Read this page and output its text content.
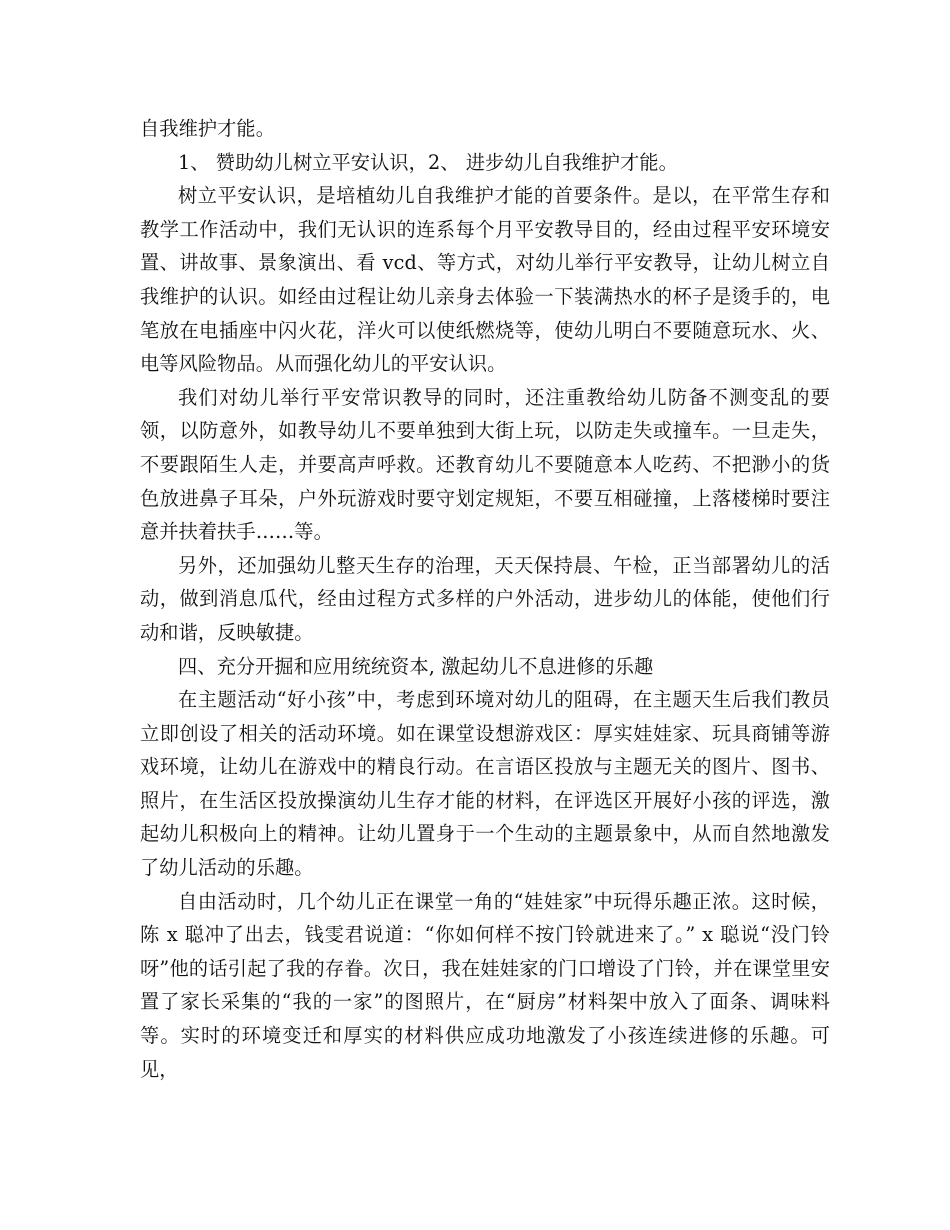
自我维护才能。

1、 赞助幼儿树立平安认识，2、 进步幼儿自我维护才能。

树立平安认识，是培植幼儿自我维护才能的首要条件。是以，在平常生存和教学工作活动中，我们无认识的连系每个月平安教导目的，经由过程平安环境安置、讲故事、景象演出、看 vcd、等方式，对幼儿举行平安教导，让幼儿树立自我维护的认识。如经由过程让幼儿亲身去体验一下装满热水的杯子是烫手的，电笔放在电插座中闪火花，洋火可以使纸燃烧等，使幼儿明白不要随意玩水、火、电等风险物品。从而强化幼儿的平安认识。

我们对幼儿举行平安常识教导的同时，还注重教给幼儿防备不测变乱的要领，以防意外，如教导幼儿不要单独到大街上玩，以防走失或撞车。一旦走失，不要跟陌生人走，并要高声呼救。还教育幼儿不要随意本人吃药、不把渺小的货色放进鼻子耳朵，户外玩游戏时要守划定规矩，不要互相碰撞，上落楼梯时要注意并扶着扶手……等。

另外，还加强幼儿整天生存的治理，天天保持晨、午检，正当部署幼儿的活动，做到消息瓜代，经由过程方式多样的户外活动，进步幼儿的体能，使他们行动和谐，反映敏捷。

四、充分开掘和应用统统资本, 激起幼儿不息进修的乐趣

在主题活动“好小孩”中，考虑到环境对幼儿的阻碍，在主题天生后我们教员立即创设了相关的活动环境。如在课堂设想游戏区：厚实娃娃家、玩具商铺等游戏环境，让幼儿在游戏中的精良行动。在言语区投放与主题无关的图片、图书、照片，在生活区投放操演幼儿生存才能的材料，在评选区开展好小孩的评选，激起幼儿积极向上的精神。让幼儿置身于一个生动的主题景象中，从而自然地激发了幼儿活动的乐趣。

自由活动时，几个幼儿正在课堂一角的“娃娃家”中玩得乐趣正浓。这时候，陈 x 聪冲了出去，钱雯君说道：“你如何样不按门铃就进来了。” x 聪说“没门铃呀”他的话引起了我的存眷。次日，我在娃娃家的门口增设了门铃，并在课堂里安置了家长采集的“我的一家”的图照片，在“厨房”材料架中放入了面条、调味料等。实时的环境变迁和厚实的材料供应成功地激发了小孩连续进修的乐趣。可见，
